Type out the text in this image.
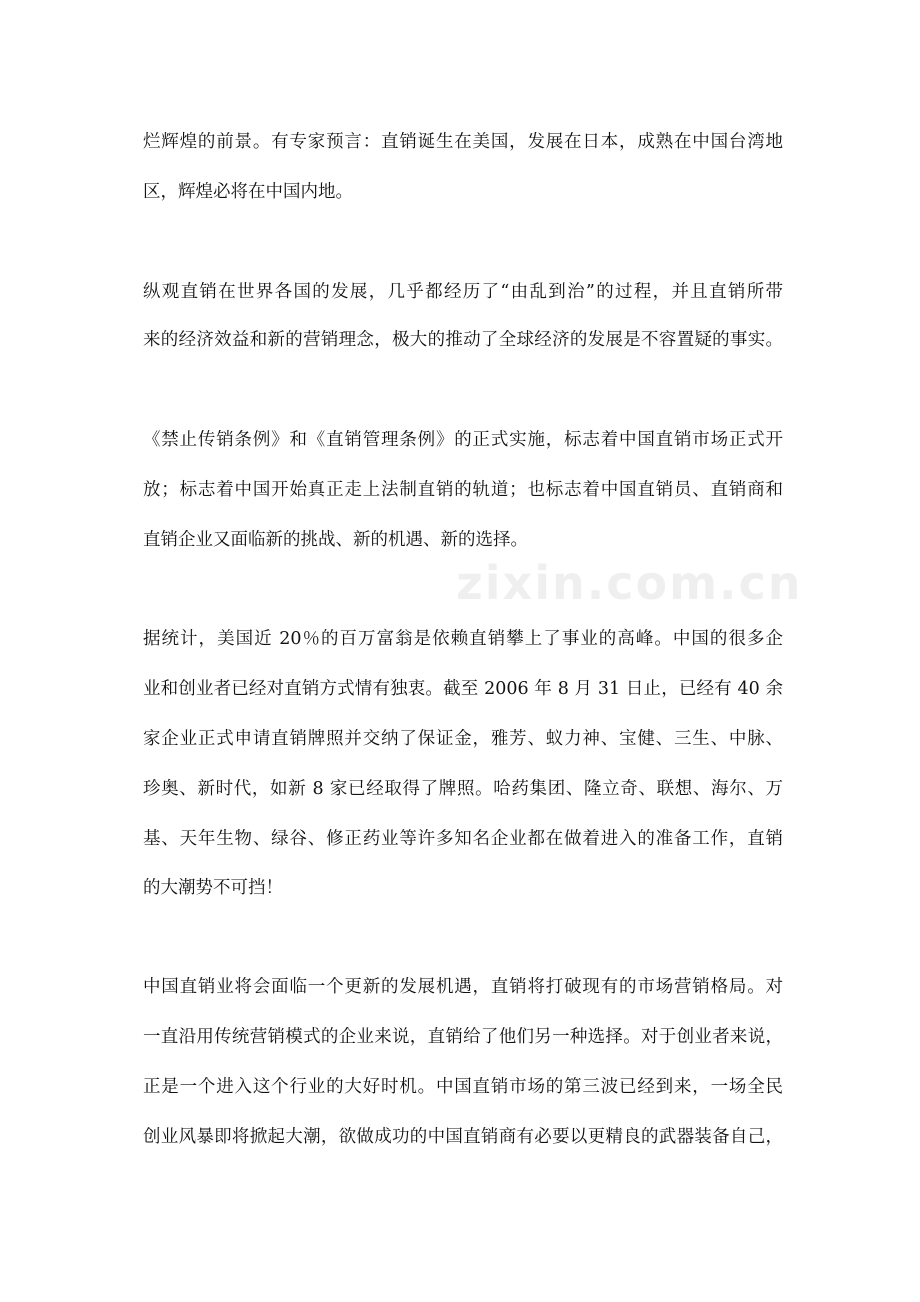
zixin.com.cn

烂辉煌的前景。有专家预言：直销诞生在美国，发展在日本，成熟在中国台湾地

区，辉煌必将在中国内地。

纵观直销在世界各国的发展，几乎都经历了“由乱到治”的过程，并且直销所带

来的经济效益和新的营销理念，极大的推动了全球经济的发展是不容置疑的事实。

《禁止传销条例》和《直销管理条例》的正式实施，标志着中国直销市场正式开

放；标志着中国开始真正走上法制直销的轨道；也标志着中国直销员、直销商和

直销企业又面临新的挑战、新的机遇、新的选择。

据统计，美国近 20％的百万富翁是依赖直销攀上了事业的高峰。中国的很多企

业和创业者已经对直销方式情有独衷。截至 2006 年 8 月 31 日止，已经有 40 余

家企业正式申请直销牌照并交纳了保证金，雅芳、蚁力神、宝健、三生、中脉、

珍奥、新时代，如新 8 家已经取得了牌照。哈药集团、隆立奇、联想、海尔、万

基、天年生物、绿谷、修正药业等许多知名企业都在做着进入的准备工作，直销

的大潮势不可挡！

中国直销业将会面临一个更新的发展机遇，直销将打破现有的市场营销格局。对

一直沿用传统营销模式的企业来说，直销给了他们另一种选择。对于创业者来说，

正是一个进入这个行业的大好时机。中国直销市场的第三波已经到来，一场全民

创业风暴即将掀起大潮，欲做成功的中国直销商有必要以更精良的武器装备自己，
